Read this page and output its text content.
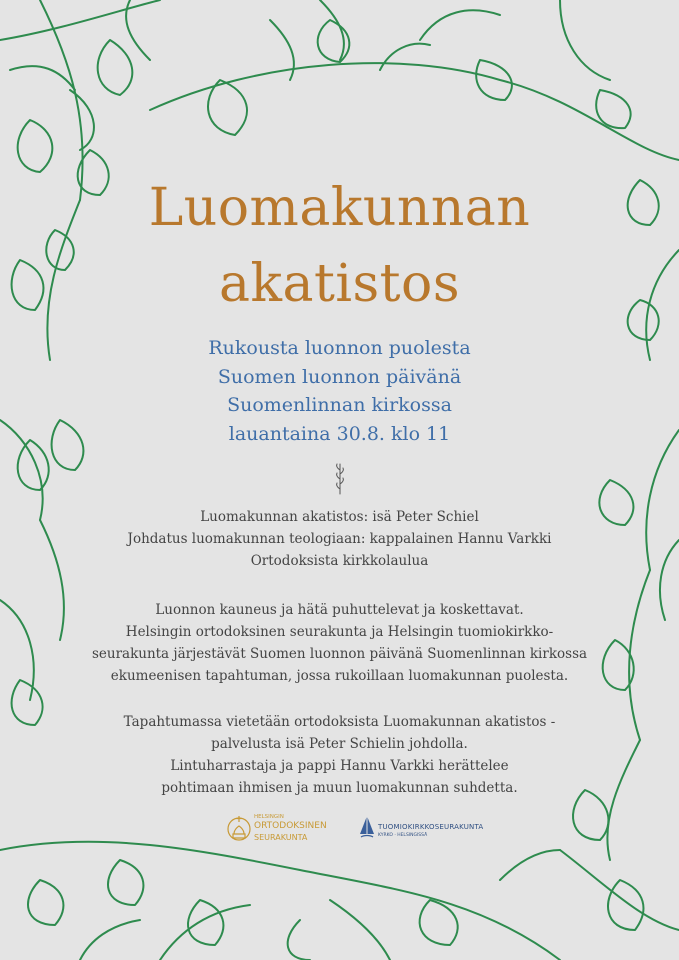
Luomakunnan
akatistos
Rukousta luonnon puolesta
Suomen luonnon päivänä
Suomenlinnan kirkossa
lauantaina 30.8. klo 11
Luomakunnan akatistos: isä Peter Schiel
Johdatus luomakunnan teologiaan: kappalainen Hannu Varkki
Ortodoksista kirkkolaulua
Luonnon kauneus ja hätä puhuttelevat ja koskettavat.
Helsingin ortodoksinen seurakunta ja Helsingin tuomiokirkko-
seurakunta järjestävät Suomen luonnon päivänä Suomenlinnan kirkossa
ekumeenisen tapahtuman, jossa rukoillaan luomakunnan puolesta.
Tapahtumassa vietetään ortodoksista Luomakunnan akatistos -
palvelusta isä Peter Schielin johdolla.
Lintuharrastaja ja pappi Hannu Varkki herättelee
pohtimaan ihmisen ja muun luomakunnan suhdetta.
HELSINGIN
ORTODOKSINEN
SEURAKUNTA
TUOMIOKIRKKOSEURAKUNTA
KYRKO · HELSINGISSÄ
